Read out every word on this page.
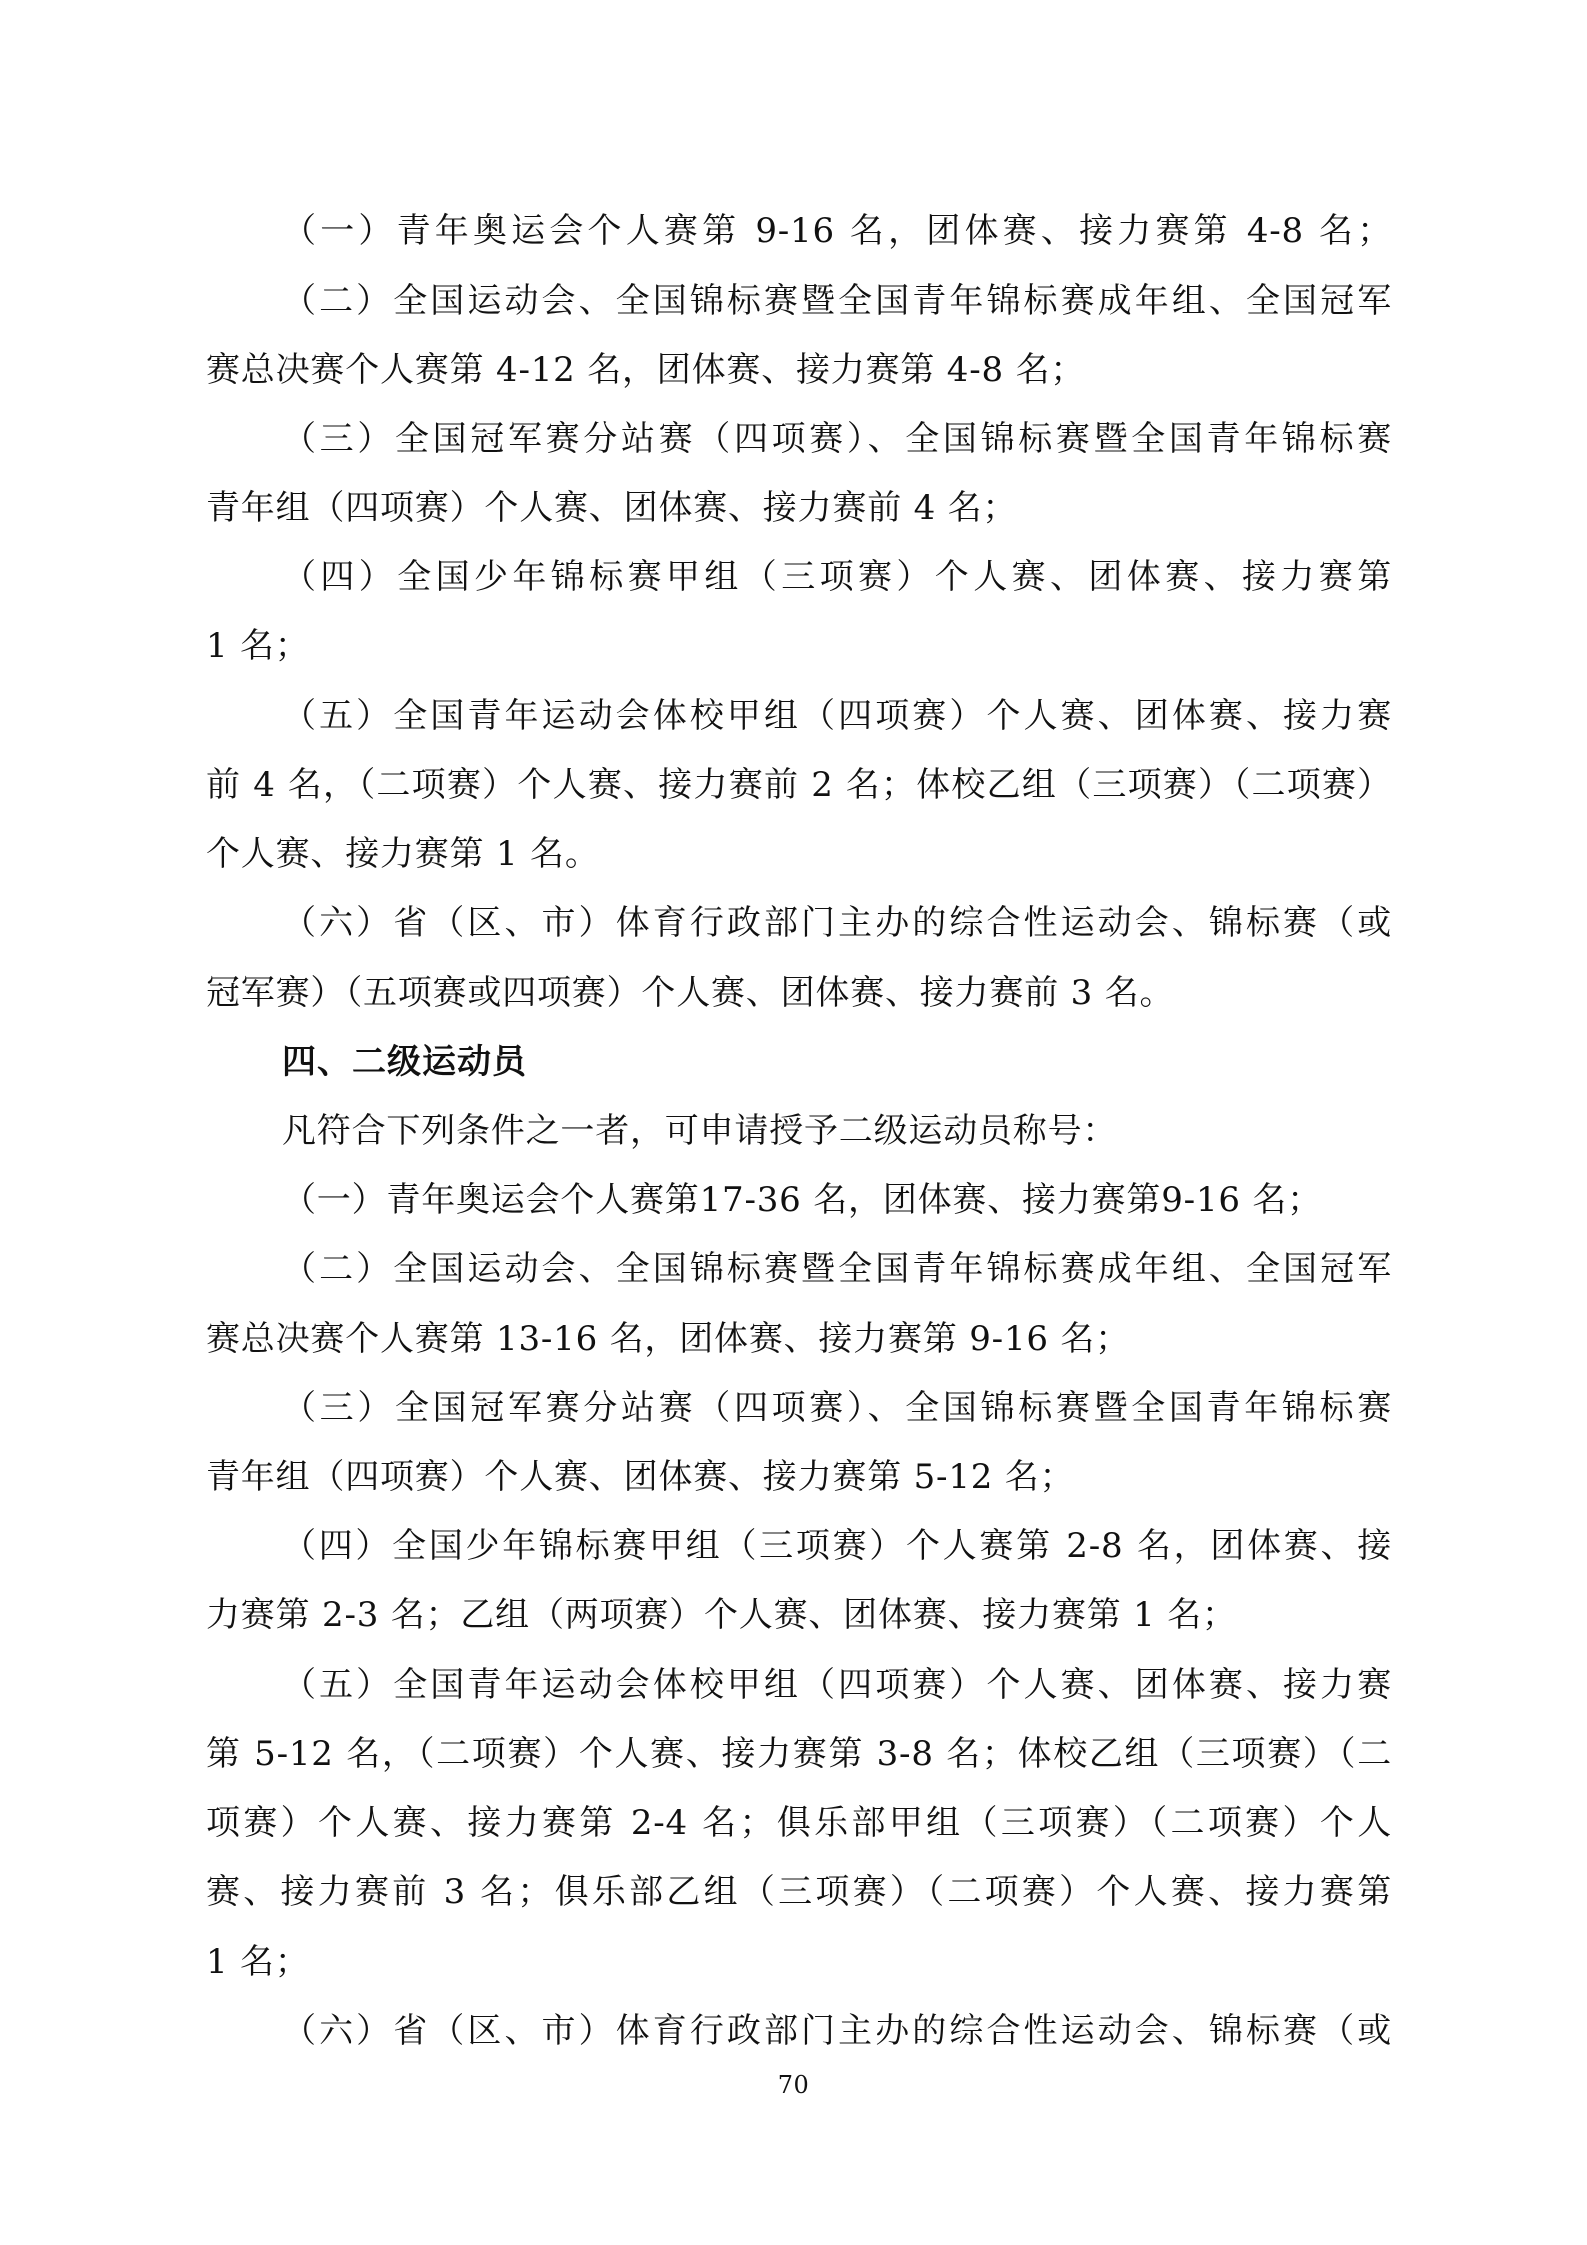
（一）青年奥运会个人赛第 9-16 名，团体赛、接力赛第 4-8 名；
（二）全国运动会、全国锦标赛暨全国青年锦标赛成年组、全国冠军
赛总决赛个人赛第 4-12 名，团体赛、接力赛第 4-8 名；
（三）全国冠军赛分站赛（四项赛）、全国锦标赛暨全国青年锦标赛
青年组（四项赛）个人赛、团体赛、接力赛前 4 名；
（四）全国少年锦标赛甲组（三项赛）个人赛、团体赛、接力赛第
1 名；
（五）全国青年运动会体校甲组（四项赛）个人赛、团体赛、接力赛
前 4 名，（二项赛）个人赛、接力赛前 2 名；体校乙组（三项赛）（二项赛）
个人赛、接力赛第 1 名。
（六）省（区、市）体育行政部门主办的综合性运动会、锦标赛（或
冠军赛）（五项赛或四项赛）个人赛、团体赛、接力赛前 3 名。
四、二级运动员
凡符合下列条件之一者，可申请授予二级运动员称号：
（一）青年奥运会个人赛第17-36 名，团体赛、接力赛第9-16 名；
（二）全国运动会、全国锦标赛暨全国青年锦标赛成年组、全国冠军
赛总决赛个人赛第 13-16 名，团体赛、接力赛第 9-16 名；
（三）全国冠军赛分站赛（四项赛）、全国锦标赛暨全国青年锦标赛
青年组（四项赛）个人赛、团体赛、接力赛第 5-12 名；
（四）全国少年锦标赛甲组（三项赛）个人赛第 2-8 名，团体赛、接
力赛第 2-3 名；乙组（两项赛）个人赛、团体赛、接力赛第 1 名；
（五）全国青年运动会体校甲组（四项赛）个人赛、团体赛、接力赛
第 5-12 名，（二项赛）个人赛、接力赛第 3-8 名；体校乙组（三项赛）（二
项赛）个人赛、接力赛第 2-4 名；俱乐部甲组（三项赛）（二项赛）个人
赛、接力赛前 3 名；俱乐部乙组（三项赛）（二项赛）个人赛、接力赛第
1 名；
（六）省（区、市）体育行政部门主办的综合性运动会、锦标赛（或
70
